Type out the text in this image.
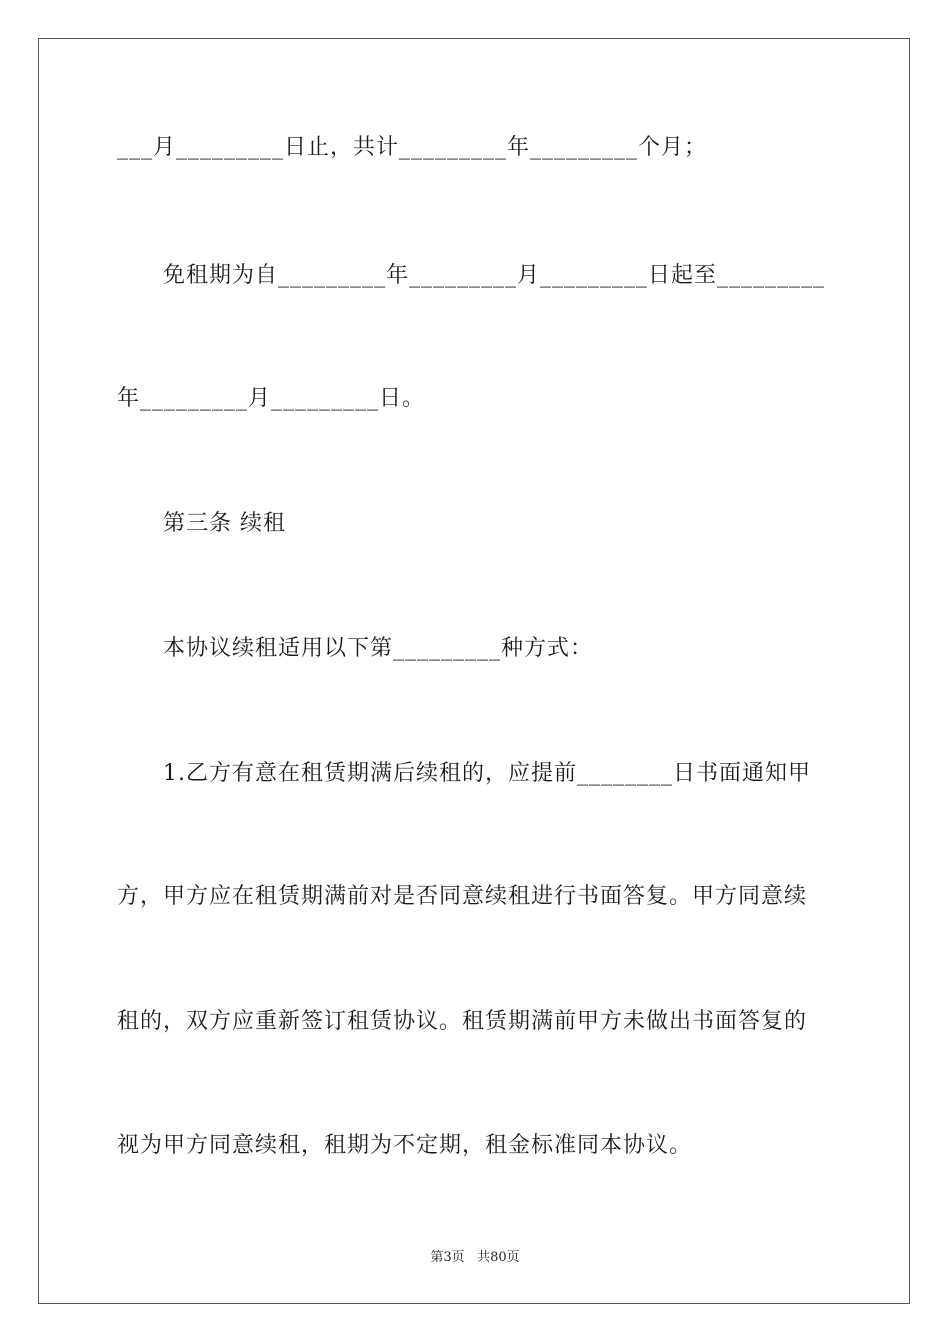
___月_________日止，共计_________年_________个月；
免租期为自_________年_________月_________日起至_________
年_________月_________日。
第三条 续租
本协议续租适用以下第_________种方式：
1.乙方有意在租赁期满后续租的，应提前________日书面通知甲
方，甲方应在租赁期满前对是否同意续租进行书面答复。甲方同意续
租的，双方应重新签订租赁协议。租赁期满前甲方未做出书面答复的
视为甲方同意续租，租期为不定期，租金标准同本协议。
第3页 共80页
